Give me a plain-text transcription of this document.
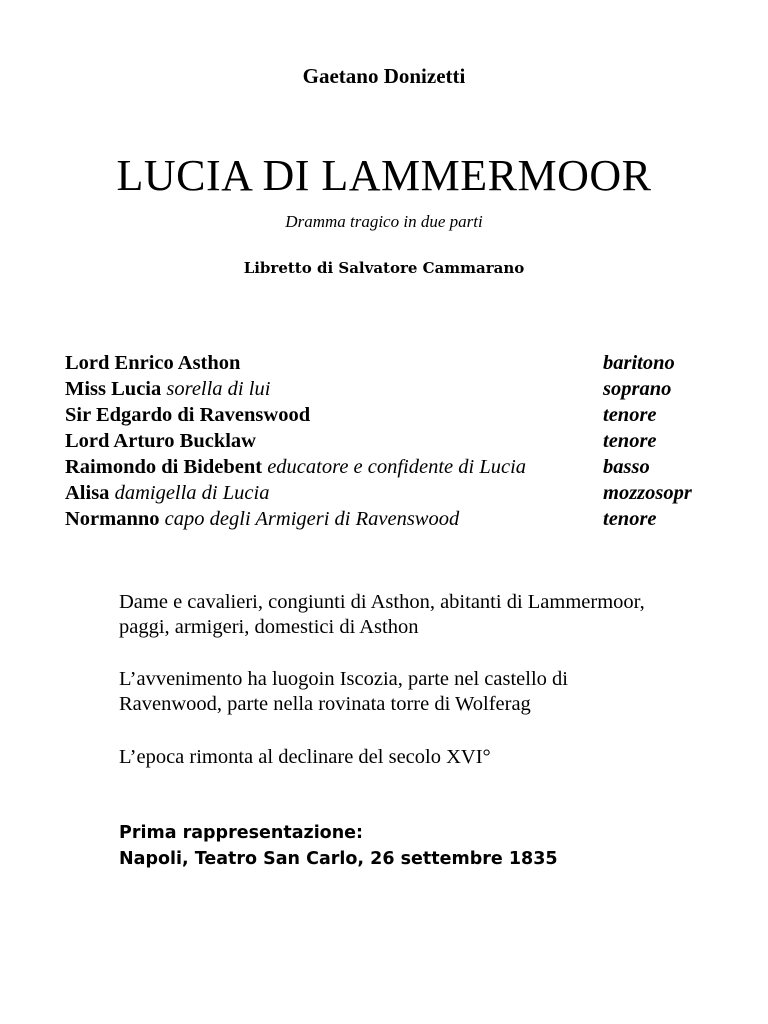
Gaetano Donizetti
LUCIA DI LAMMERMOOR
Dramma tragico in due parti
Libretto di Salvatore Cammarano
Lord Enrico Asthon	baritono
Miss Lucia sorella di lui	soprano
Sir Edgardo di Ravenswood	tenore
Lord Arturo Bucklaw	tenore
Raimondo di Bidebent educatore e confidente di Lucia	basso
Alisa damigella di Lucia	mozzosopr
Normanno capo degli Armigeri di Ravenswood	tenore
Dame e cavalieri, congiunti di Asthon, abitanti di Lammermoor,
paggi, armigeri, domestici di Asthon
L’avvenimento ha luogoin Iscozia, parte nel castello di
Ravenwood, parte nella rovinata torre di Wolferag
L’epoca rimonta al declinare del secolo XVI°
Prima rappresentazione:
Napoli, Teatro San Carlo, 26 settembre 1835
